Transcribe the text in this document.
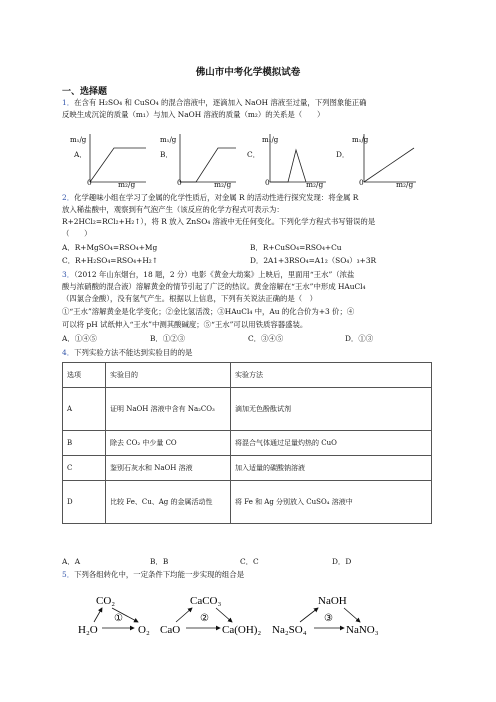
佛山市中考化学模拟试卷
一、选择题
1．在含有 H₂SO₄ 和 CuSO₄ 的混合溶液中，逐滴加入 NaOH 溶液至过量，下列图象能正确
反映生成沉淀的质量（m₁）与加入 NaOH 溶液的质量（m₂）的关系是（　　）
m₁/g
A．
0	m₂/g
m₁/g
B．
0	m₂/g
m₁/g
C．
0	m₂/g
m₁/g
D．
0	m₂/g
2．化学趣味小组在学习了金属的化学性质后，对金属 R 的活动性进行探究发现：将金属 R
放入稀盐酸中，观察到有气泡产生（该反应的化学方程式可表示为：
R+2HCl₂=RCl₂+H₂↑），将 R 放入 ZnSO₄ 溶液中无任何变化。下列化学方程式书写错误的是
（　　）
A．R+MgSO₄=RSO₄+Mg	B．R+CuSO₄=RSO₄+Cu
C．R+H₂SO₄=RSO₄+H₂↑	D．2A1+3RSO₄=A1₂（SO₄）₃+3R
3．（2012 年山东烟台，18 题，2 分）电影《黄金大劫案》上映后，里面用“王水”（浓盐
酸与浓硝酸的混合液）溶解黄金的情节引起了广泛的热议。黄金溶解在“王水”中形成 HAuCl₄
（四氯合金酸），没有氢气产生。根据以上信息，下列有关说法正确的是（　）
①“王水”溶解黄金是化学变化；②金比氢活泼；③HAuCl₄ 中，Au 的化合价为+3 价；④
可以将 pH 试纸伸入“王水”中测其酸碱度；⑤“王水”可以用铁质容器盛装。
A．①④⑤	B．①②③	C．③④⑤	D．①③
4．下列实验方法不能达到实验目的的是
选项	实验目的	实验方法
A	证明 NaOH 溶液中含有 Na₂CO₃	滴加无色酚酞试剂
B	除去 CO₂ 中少量 CO	将混合气体通过足量灼热的 CuO
C	鉴别石灰水和 NaOH 溶液	加入适量的碳酸钠溶液
D	比较 Fe、Cu、Ag 的金属活动性	将 Fe 和 Ag 分别放入 CuSO₄ 溶液中
A．A	B．B	C．C	D．D
5．下列各组转化中，一定条件下均能一步实现的组合是
CO₂
H₂O	O₂
①
CaCO₃
CaO	Ca(OH)₂
②
NaOH
Na₂SO₄	NaNO₃
③
